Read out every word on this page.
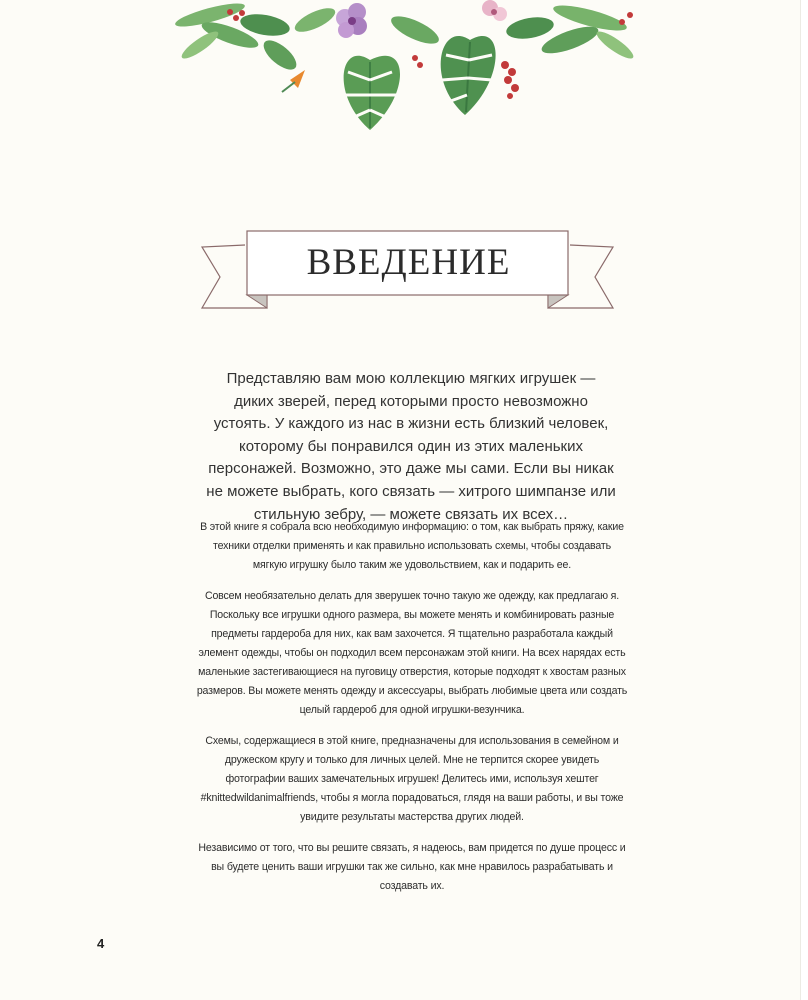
ВВЕДЕНИЕ
Представляю вам мою коллекцию мягких игрушек — диких зверей, перед которыми просто невозможно устоять. У каждого из нас в жизни есть близкий человек, которому бы понравился один из этих маленьких персонажей. Возможно, это даже мы сами. Если вы никак не можете выбрать, кого связать — хитрого шимпанзе или стильную зебру, — можете связать их всех…

В этой книге я собрала всю необходимую информацию: о том, как выбрать пряжу, какие техники отделки применять и как правильно использовать схемы, чтобы создавать мягкую игрушку было таким же удовольствием, как и подарить ее.

Совсем необязательно делать для зверушек точно такую же одежду, как предлагаю я. Поскольку все игрушки одного размера, вы можете менять и комбинировать разные предметы гардероба для них, как вам захочется. Я тщательно разработала каждый элемент одежды, чтобы он подходил всем персонажам этой книги. На всех нарядах есть маленькие застегивающиеся на пуговицу отверстия, которые подходят к хвостам разных размеров. Вы можете менять одежду и аксессуары, выбрать любимые цвета или создать целый гардероб для одной игрушки-везунчика.

Схемы, содержащиеся в этой книге, предназначены для использования в семейном и дружеском кругу и только для личных целей. Мне не терпится скорее увидеть фотографии ваших замечательных игрушек! Делитесь ими, используя хештег #knittedwildanimalfriends, чтобы я могла порадоваться, глядя на ваши работы, и вы тоже увидите результаты мастерства других людей.

Независимо от того, что вы решите связать, я надеюсь, вам придется по душе процесс и вы будете ценить ваши игрушки так же сильно, как мне нравилось разрабатывать и создавать их.

4
